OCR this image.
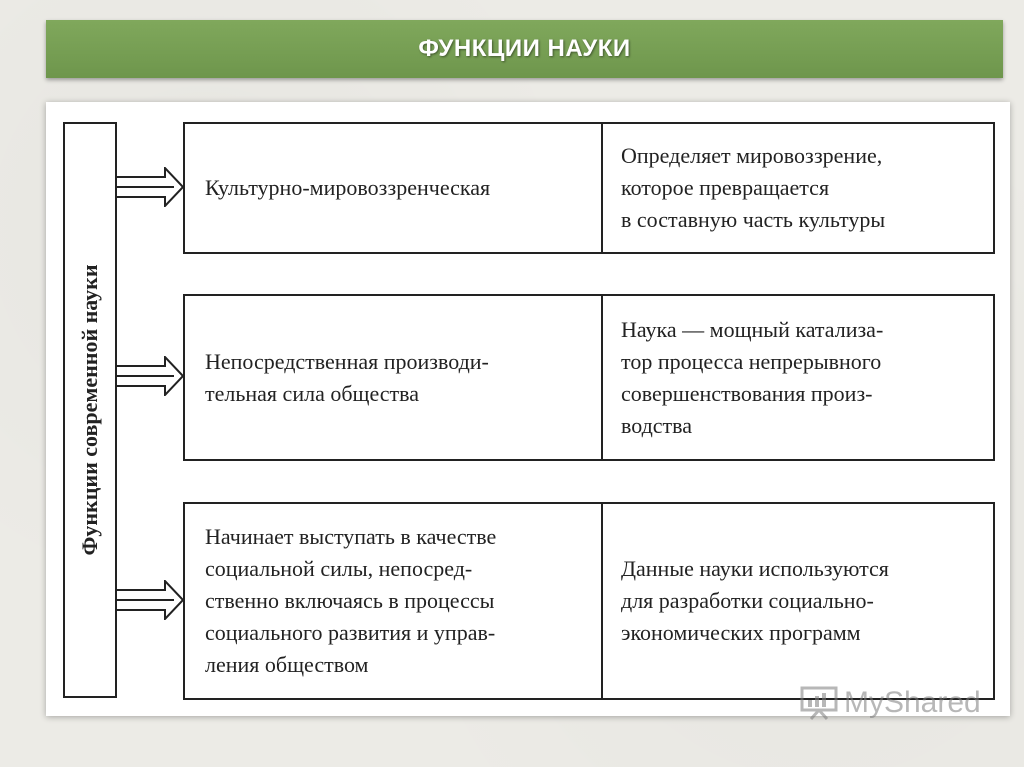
ФУНКЦИИ НАУКИ
Функции современной науки
Культурно-мировоззренческая
Определяет мировоззрение,
которое превращается
в составную часть культуры
Непосредственная производи-
тельная сила общества
Наука — мощный катализа-
тор процесса непрерывного
совершенствования произ-
водства
Начинает выступать в качестве
социальной силы, непосред-
ственно включаясь в процессы
социального развития и управ-
ления обществом
Данные науки используются
для разработки социально-
экономических программ
MyShared
